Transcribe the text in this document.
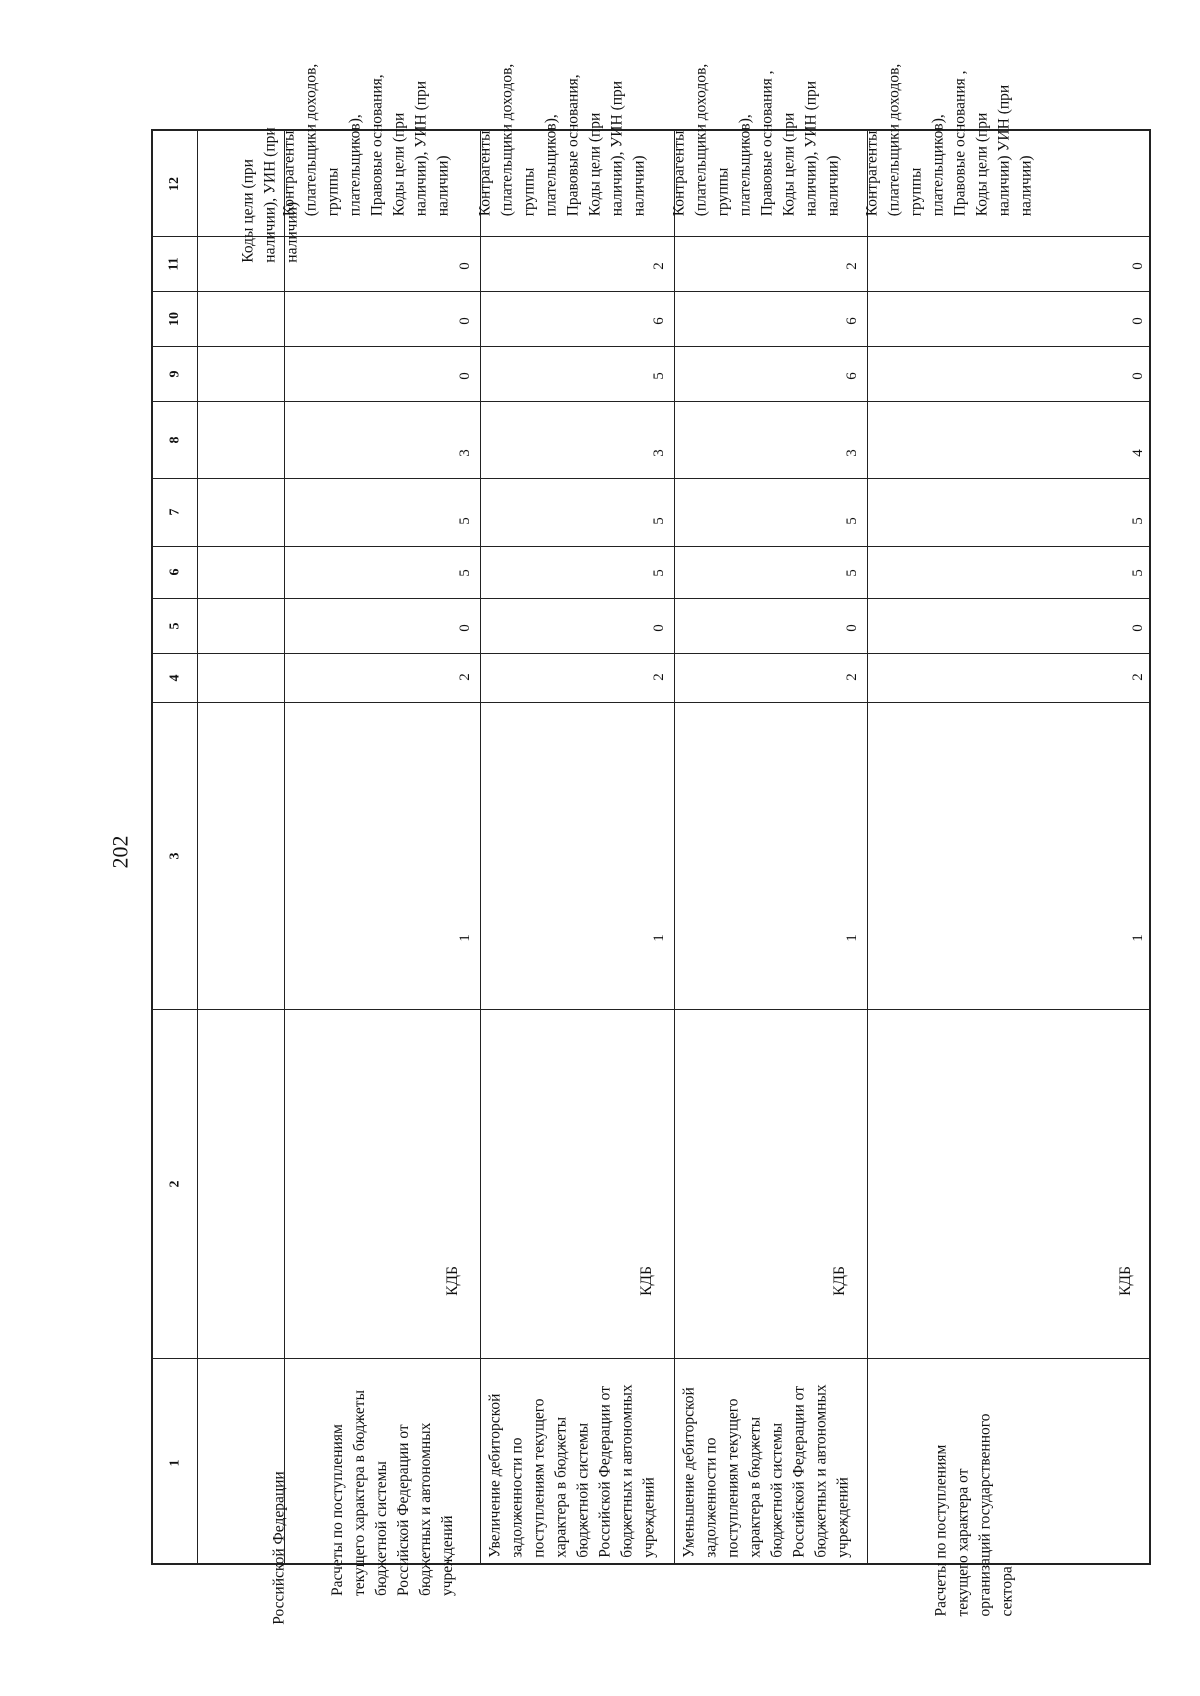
202
1
2
3
4
5
6
7
8
9
10
11
12
Российской Федерации
Коды цели (при
наличии), УИН (при
наличии)
Расчеты по поступлениям
текущего характера в бюджеты
бюджетной системы
Российской Федерации от
бюджетных и автономных
учреждений
КДБ
1
2
0
5
5
3
0
0
0
Контрагенты
(плательщики доходов,
группы
плательщиков),
Правовые основания,
Коды цели (при
наличии), УИН (при
наличии)
Увеличение дебиторской
задолженности по
поступлениям текущего
характера в бюджеты
бюджетной системы
Российской Федерации от
бюджетных и автономных
учреждений
КДБ
1
2
0
5
5
3
5
6
2
Контрагенты
(плательщики доходов,
группы
плательщиков),
Правовые основания,
Коды цели (при
наличии), УИН (при
наличии)
Уменьшение дебиторской
задолженности по
поступлениям текущего
характера в бюджеты
бюджетной системы
Российской Федерации от
бюджетных и автономных
учреждений
КДБ
1
2
0
5
5
3
6
6
2
Контрагенты
(плательщики доходов,
группы
плательщиков),
Правовые основания ,
Коды цели (при
наличии), УИН (при
наличии)
Расчеты по поступлениям
текущего характера от
организаций государственного
сектора
КДБ
1
2
0
5
5
4
0
0
0
Контрагенты
(плательщики доходов,
группы
плательщиков),
Правовые основания ,
Коды цели (при
наличии) УИН (при
наличии)
